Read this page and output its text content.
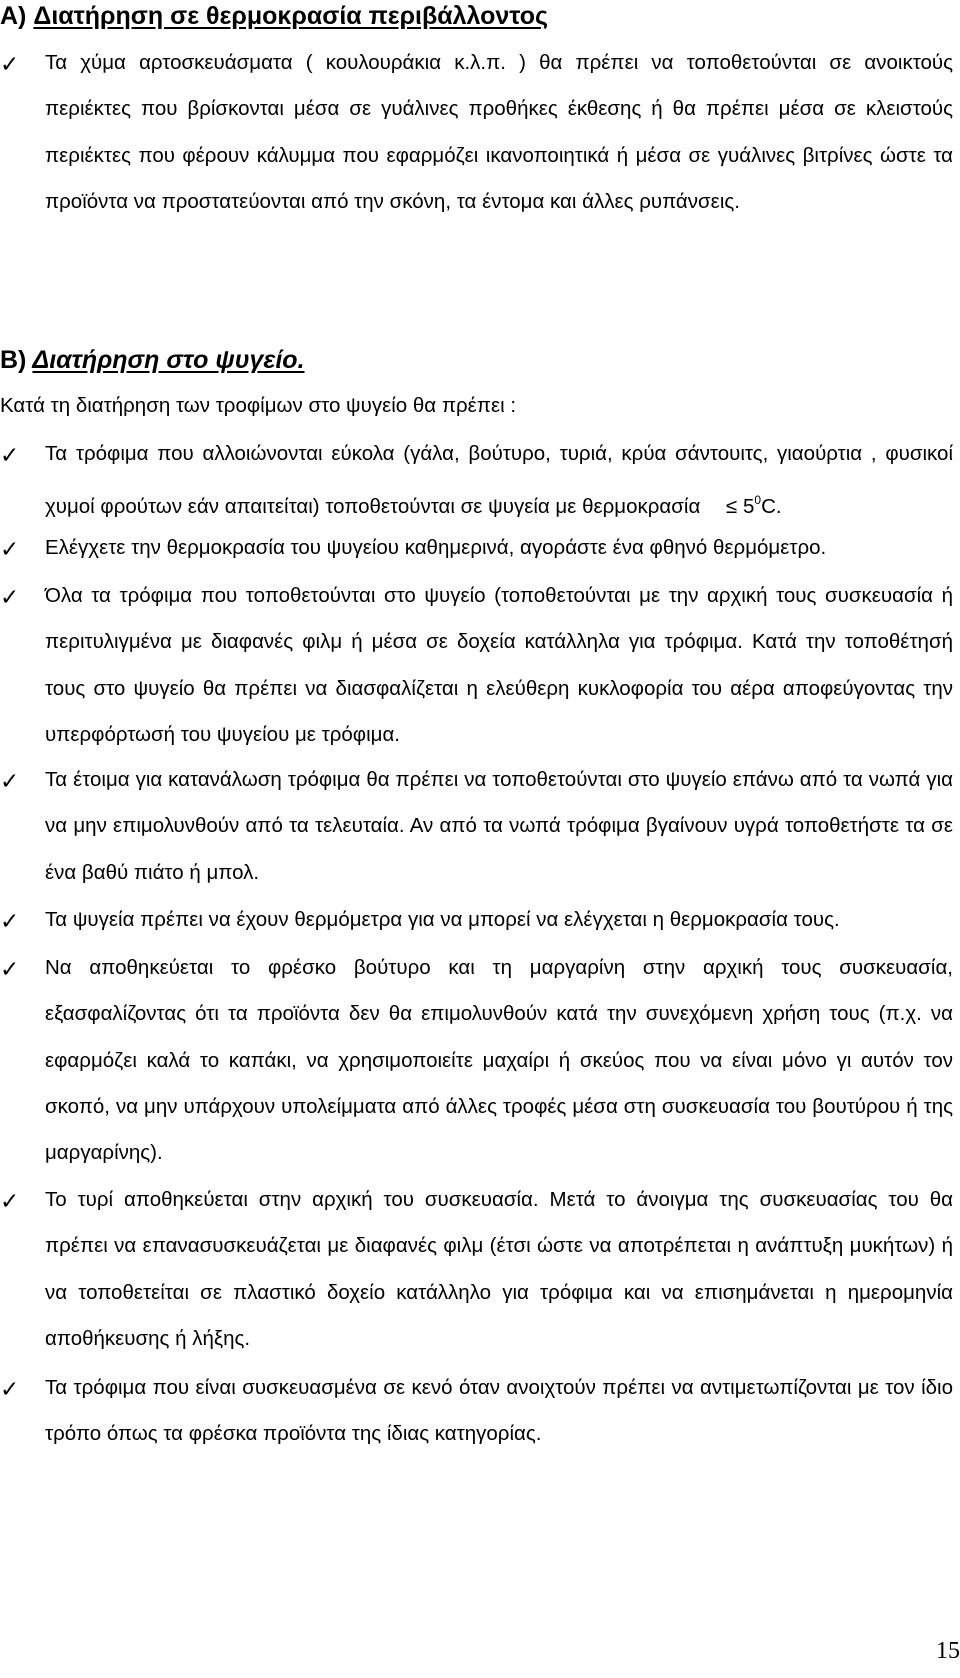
Α) Διατήρηση σε θερμοκρασία περιβάλλοντος
✓ Τα χύμα αρτοσκευάσματα ( κουλουράκια κ.λ.π. ) θα πρέπει να τοποθετούνται σε ανοικτούς περιέκτες που βρίσκονται μέσα σε γυάλινες προθήκες έκθεσης ή θα πρέπει μέσα σε κλειστούς περιέκτες που φέρουν κάλυμμα που εφαρμόζει ικανοποιητικά ή μέσα σε γυάλινες βιτρίνες ώστε τα προϊόντα να προστατεύονται από την σκόνη, τα έντομα και άλλες ρυπάνσεις.

Β) Διατήρηση στο ψυγείο.

Κατά τη διατήρηση των τροφίμων στο ψυγείο θα πρέπει :

✓ Τα τρόφιμα που αλλοιώνονται εύκολα (γάλα, βούτυρο, τυριά, κρύα σάντουιτς, γιαούρτια , φυσικοί χυμοί φρούτων εάν απαιτείται) τοποθετούνται σε ψυγεία με $\theta\varepsilon\rho\mu o\kappa\rho\alpha\sigma ί\alpha \le 5^0C$.

✓ Ελέγχετε την θερμοκρασία του ψυγείου καθημερινά, αγοράστε ένα φθηνό θερμόμετρο.

✓ Όλα τα τρόφιμα που τοποθετούνται στο ψυγείο (τοποθετούνται με την αρχική τους συσκευασία ή περιτυλιγμένα με διαφανές φιλμ ή μέσα σε δοχεία κατάλληλα για τρόφιμα. Κατά την τοποθέτησή τους στο ψυγείο θα πρέπει να διασφαλίζεται η ελεύθερη κυκλοφορία του αέρα αποφεύγοντας την υπερφόρτωσή του ψυγείου με τρόφιμα.

✓ Τα έτοιμα για κατανάλωση τρόφιμα θα πρέπει να τοποθετούνται στο ψυγείο επάνω από τα νωπά για να μην επιμολυνθούν από τα τελευταία. Αν από τα νωπά τρόφιμα βγαίνουν υγρά τοποθετήστε τα σε ένα βαθύ πιάτο ή μπολ.

✓ Τα ψυγεία πρέπει να έχουν θερμόμετρα για να μπορεί να ελέγχεται η θερμοκρασία τους.

✓ Να αποθηκεύεται το φρέσκο βούτυρο και τη μαργαρίνη στην αρχική τους συσκευασία, εξασφαλίζοντας ότι τα προϊόντα δεν θα επιμολυνθούν κατά την συνεχόμενη χρήση τους (π.χ. να εφαρμόζει καλά το καπάκι, να χρησιμοποιείτε μαχαίρι ή σκεύος που να είναι μόνο γι αυτόν τον σκοπό, να μην υπάρχουν υπολείμματα από άλλες τροφές μέσα στη συσκευασία του βουτύρου ή της μαργαρίνης).

✓ Το τυρί αποθηκεύεται στην αρχική του συσκευασία. Μετά το άνοιγμα της συσκευασίας του θα πρέπει να επανασυσκευάζεται με διαφανές φιλμ (έτσι ώστε να αποτρέπεται η ανάπτυξη μυκήτων) ή να τοποθετείται σε πλαστικό δοχείο κατάλληλο για τρόφιμα και να επισημάνεται η ημερομηνία αποθήκευσης ή λήξης.

✓ Τα τρόφιμα που είναι συσκευασμένα σε κενό όταν ανοιχτούν πρέπει να αντιμετωπίζονται με τον ίδιο τρόπο όπως τα φρέσκα προϊόντα της ίδιας κατηγορίας.

15
